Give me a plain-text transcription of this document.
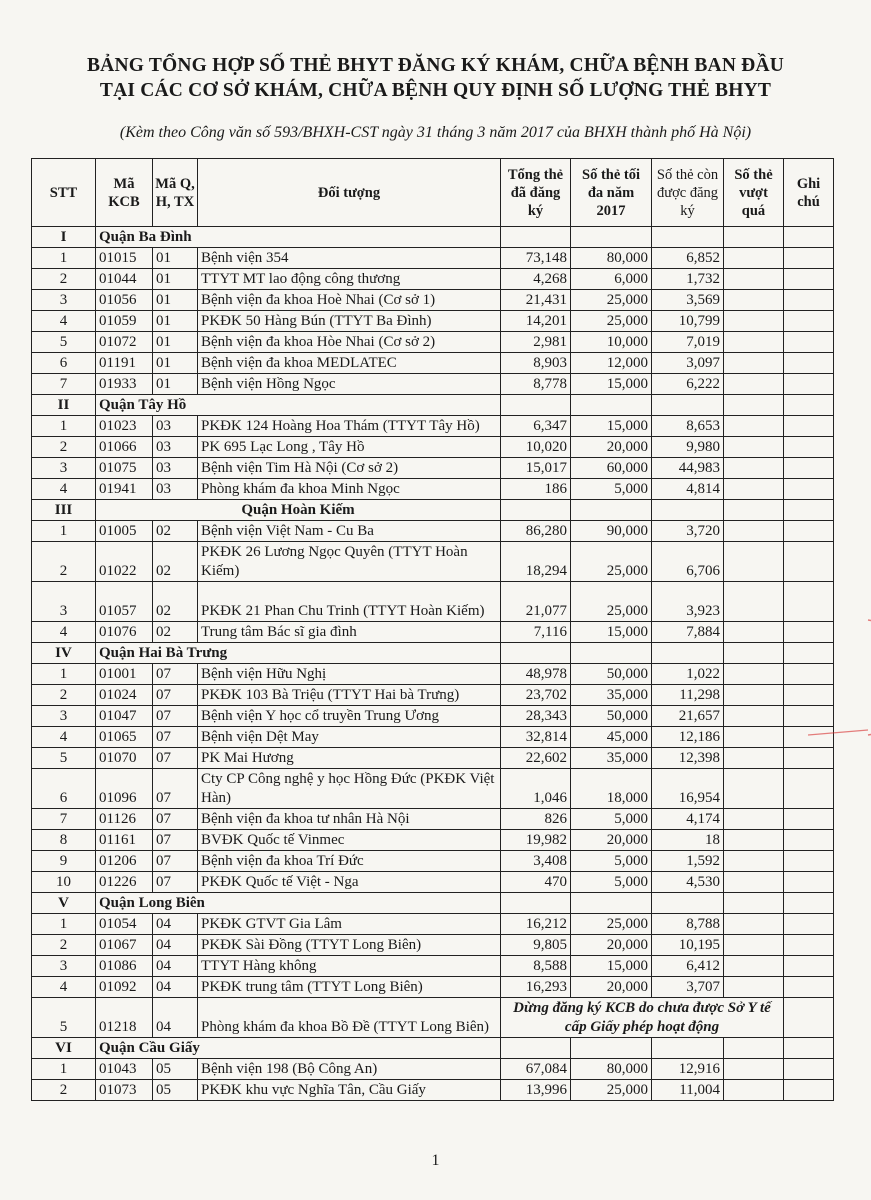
BẢNG TỔNG HỢP SỐ THẺ BHYT ĐĂNG KÝ KHÁM, CHỮA BỆNH BAN ĐẦU
TẠI CÁC CƠ SỞ KHÁM, CHỮA BỆNH QUY ĐỊNH SỐ LƯỢNG THẺ BHYT
(Kèm theo Công văn số 593/BHXH-CST ngày 31 tháng 3 năm 2017 của BHXH thành phố Hà Nội)
STT	Mã KCB	Mã Q, H, TX	Đối tượng	Tổng thẻ đã đăng ký	Số thẻ tối đa năm 2017	Số thẻ còn được đăng ký	Số thẻ vượt quá	Ghi chú
I	Quận Ba Đình							
1	01015	01	Bệnh viện 354	73,148	80,000	6,852		
2	01044	01	TTYT MT lao động công thương	4,268	6,000	1,732		
3	01056	01	Bệnh viện đa khoa Hoè Nhai (Cơ sở 1)	21,431	25,000	3,569		
4	01059	01	PKĐK 50 Hàng Bún (TTYT Ba Đình)	14,201	25,000	10,799		
5	01072	01	Bệnh viện đa khoa Hòe Nhai (Cơ sở 2)	2,981	10,000	7,019		
6	01191	01	Bệnh viện đa khoa MEDLATEC	8,903	12,000	3,097		
7	01933	01	Bệnh viện Hồng Ngọc	8,778	15,000	6,222		
II	Quận Tây Hồ							
1	01023	03	PKĐK 124 Hoàng Hoa Thám (TTYT Tây Hồ)	6,347	15,000	8,653		
2	01066	03	PK 695 Lạc Long , Tây Hồ	10,020	20,000	9,980		
3	01075	03	Bệnh viện Tim Hà Nội (Cơ sở 2)	15,017	60,000	44,983		
4	01941	03	Phòng khám đa khoa Minh Ngọc	186	5,000	4,814		
III	Quận Hoàn Kiếm							
1	01005	02	Bệnh viện Việt Nam - Cu Ba	86,280	90,000	3,720		
2	01022	02	PKĐK 26 Lương Ngọc Quyên (TTYT Hoàn Kiếm)	18,294	25,000	6,706		
3	01057	02	PKĐK 21 Phan Chu Trinh (TTYT Hoàn Kiếm)	21,077	25,000	3,923		
4	01076	02	Trung tâm Bác sĩ gia đình	7,116	15,000	7,884		
IV	Quận Hai Bà Trưng							
1	01001	07	Bệnh viện Hữu Nghị	48,978	50,000	1,022		
2	01024	07	PKĐK 103 Bà Triệu (TTYT Hai bà Trưng)	23,702	35,000	11,298		
3	01047	07	Bệnh viện Y học cổ truyền Trung Ương	28,343	50,000	21,657		
4	01065	07	Bệnh viện Dệt May	32,814	45,000	12,186		
5	01070	07	PK Mai Hương	22,602	35,000	12,398		
6	01096	07	Cty CP Công nghệ y học Hồng Đức (PKĐK Việt Hàn)	1,046	18,000	16,954		
7	01126	07	Bệnh viện đa khoa tư nhân Hà Nội	826	5,000	4,174		
8	01161	07	BVĐK Quốc tế Vinmec	19,982	20,000	18		
9	01206	07	Bệnh viện đa khoa Trí Đức	3,408	5,000	1,592		
10	01226	07	PKĐK Quốc tế Việt - Nga	470	5,000	4,530		
V	Quận Long Biên							
1	01054	04	PKĐK GTVT Gia Lâm	16,212	25,000	8,788		
2	01067	04	PKĐK Sài Đồng (TTYT Long Biên)	9,805	20,000	10,195		
3	01086	04	TTYT Hàng không	8,588	15,000	6,412		
4	01092	04	PKĐK trung tâm (TTYT Long Biên)	16,293	20,000	3,707		
5	01218	04	Phòng khám đa khoa Bồ Đề (TTYT Long Biên)	Dừng đăng ký KCB do chưa được Sở Y tế cấp Giấy phép hoạt động				
VI	Quận Cầu Giấy							
1	01043	05	Bệnh viện 198 (Bộ Công An)	67,084	80,000	12,916		
2	01073	05	PKĐK khu vực Nghĩa Tân, Cầu Giấy	13,996	25,000	11,004		
1
